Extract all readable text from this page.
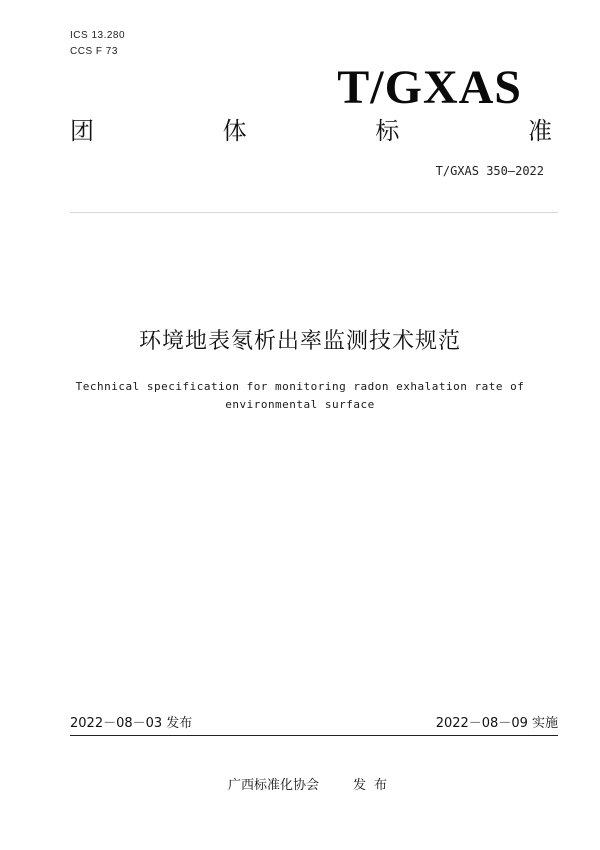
ICS 13.280
CCS F 73
T/GXAS
团	体	标	准
T/GXAS 350—2022
环境地表氡析出率监测技术规范
Technical specification for monitoring radon exhalation rate of
environmental surface
2022－08－03 发布	2022－08－09 实施
广西标准化协会	发布
